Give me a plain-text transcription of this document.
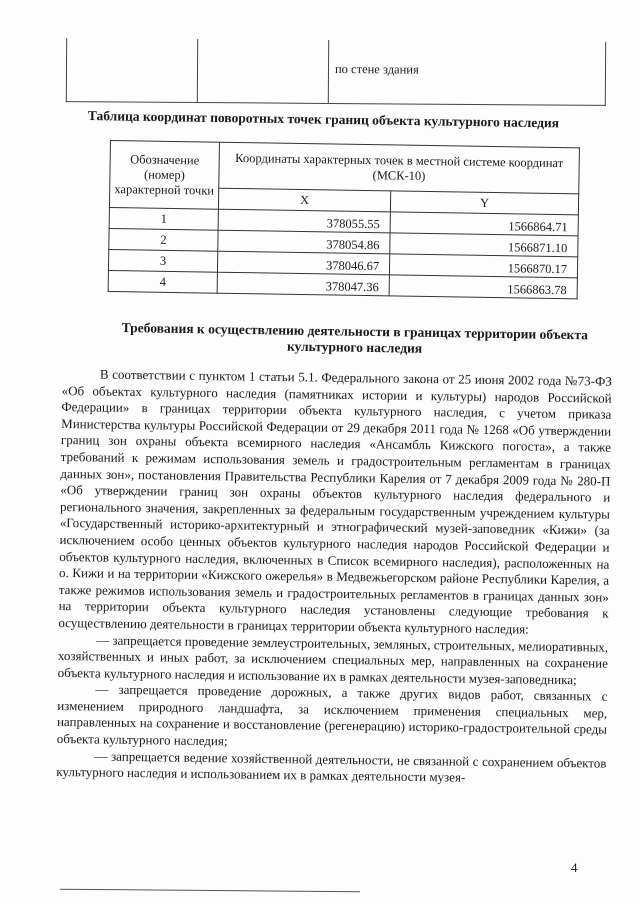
		по стене здания
Таблица координат поворотных точек границ объекта культурного наследия
Обозначение (номер) характерной точки	Координаты характерных точек в местной системе координат (МСК-10)	
	X	Y
1	378055.55	1566864.71
2	378054.86	1566871.10
3	378046.67	1566870.17
4	378047.36	1566863.78
Требования к осуществлению деятельности в границах территории объекта культурного наследия

В соответствии с пунктом 1 статьи 5.1. Федерального закона от 25 июня 2002 года №73-ФЗ «Об объектах культурного наследия (памятниках истории и культуры) народов Российской Федерации» в границах территории объекта культурного наследия, с учетом приказа Министерства культуры Российской Федерации от 29 декабря 2011 года № 1268 «Об утверждении границ зон охраны объекта всемирного наследия «Ансамбль Кижского погоста», а также требований к режимам использования земель и градостроительным регламентам в границах данных зон», постановления Правительства Республики Карелия от 7 декабря 2009 года № 280-П «Об утверждении границ зон охраны объектов культурного наследия федерального и регионального значения, закрепленных за федеральным государственным учреждением культуры «Государственный историко-архитектурный и этнографический музей-заповедник «Кижи» (за исключением особо ценных объектов культурного наследия народов Российской Федерации и объектов культурного наследия, включенных в Список всемирного наследия), расположенных на о. Кижи и на территории «Кижского ожерелья» в Медвежьегорском районе Республики Карелия, а также режимов использования земель и градостроительных регламентов в границах данных зон» на территории объекта культурного наследия установлены следующие требования к осуществлению деятельности в границах территории объекта культурного наследия:

— запрещается проведение землеустроительных, земляных, строительных, мелиоративных, хозяйственных и иных работ, за исключением специальных мер, направленных на сохранение объекта культурного наследия и использование их в рамках деятельности музея-заповедника;

— запрещается проведение дорожных, а также других видов работ, связанных с изменением природного ландшафта, за исключением применения специальных мер, направленных на сохранение и восстановление (регенерацию) историко-градостроительной среды объекта культурного наследия;

— запрещается ведение хозяйственной деятельности, не связанной с сохранением объектов культурного наследия и использованием их в рамках деятельности музея-

4
